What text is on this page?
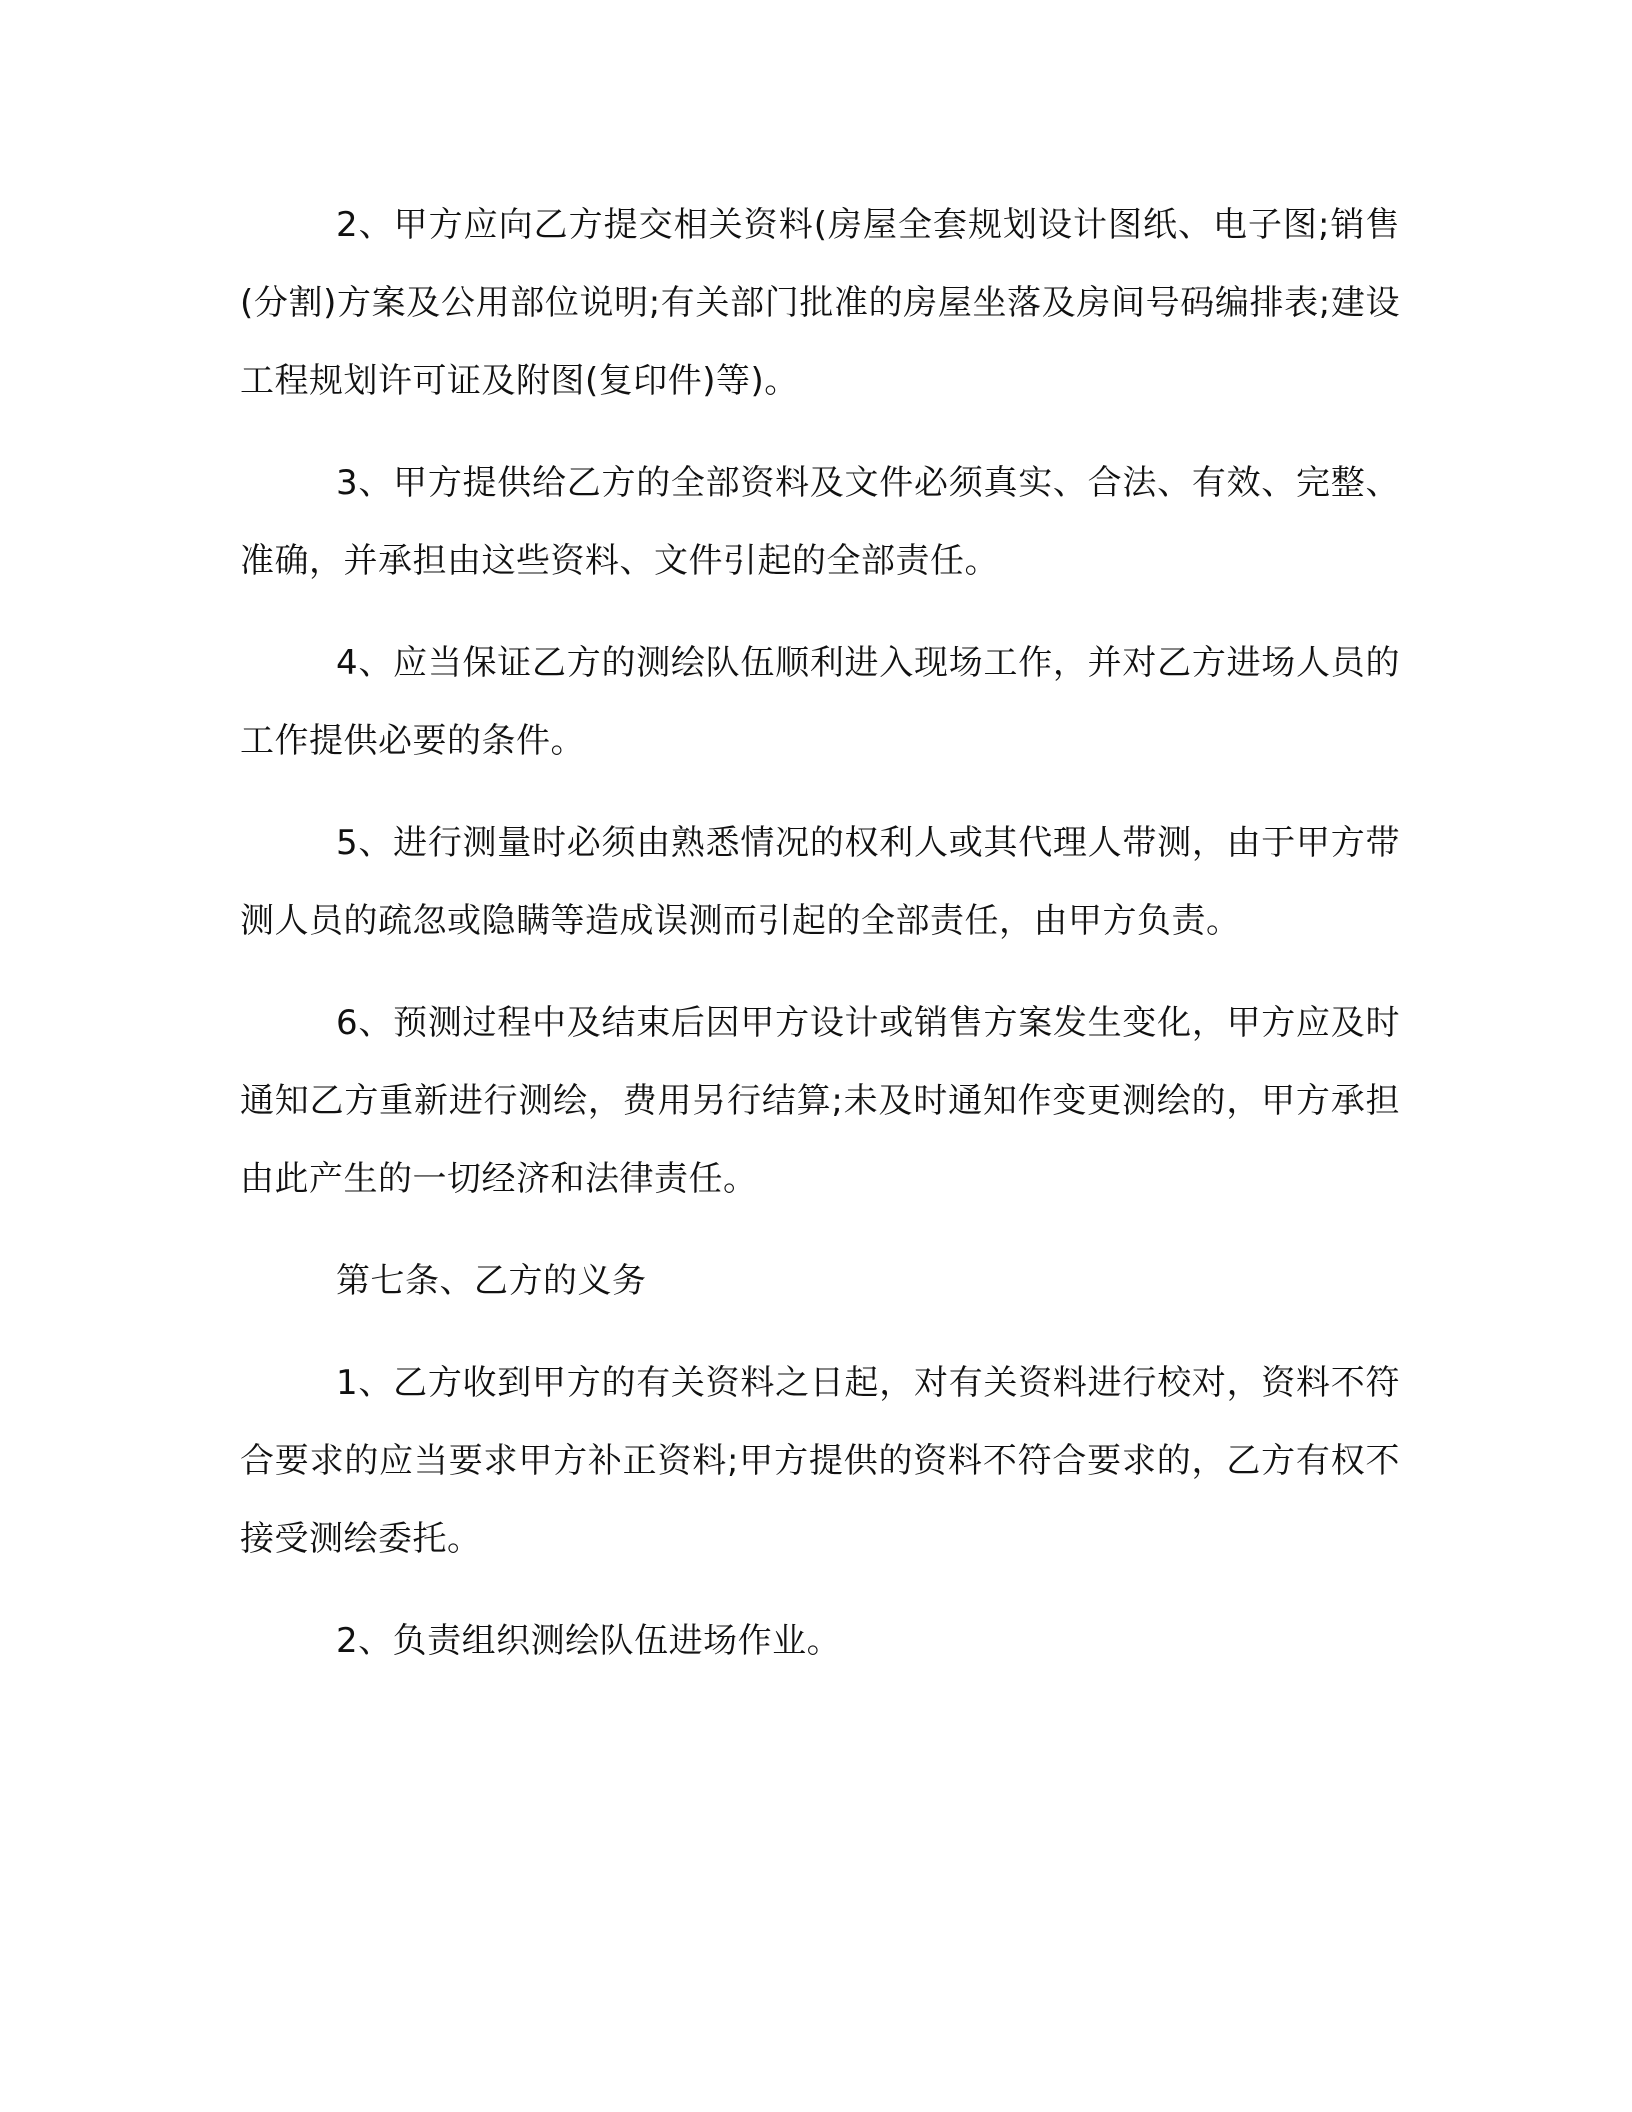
2、甲方应向乙方提交相关资料(房屋全套规划设计图纸、电子图;销售(分割)方案及公用部位说明;有关部门批准的房屋坐落及房间号码编排表;建设工程规划许可证及附图(复印件)等)。

3、甲方提供给乙方的全部资料及文件必须真实、合法、有效、完整、准确，并承担由这些资料、文件引起的全部责任。

4、应当保证乙方的测绘队伍顺利进入现场工作，并对乙方进场人员的工作提供必要的条件。

5、进行测量时必须由熟悉情况的权利人或其代理人带测，由于甲方带测人员的疏忽或隐瞒等造成误测而引起的全部责任，由甲方负责。

6、预测过程中及结束后因甲方设计或销售方案发生变化，甲方应及时通知乙方重新进行测绘，费用另行结算;未及时通知作变更测绘的，甲方承担由此产生的一切经济和法律责任。

第七条、乙方的义务

1、乙方收到甲方的有关资料之日起，对有关资料进行校对，资料不符合要求的应当要求甲方补正资料;甲方提供的资料不符合要求的，乙方有权不接受测绘委托。

2、负责组织测绘队伍进场作业。
